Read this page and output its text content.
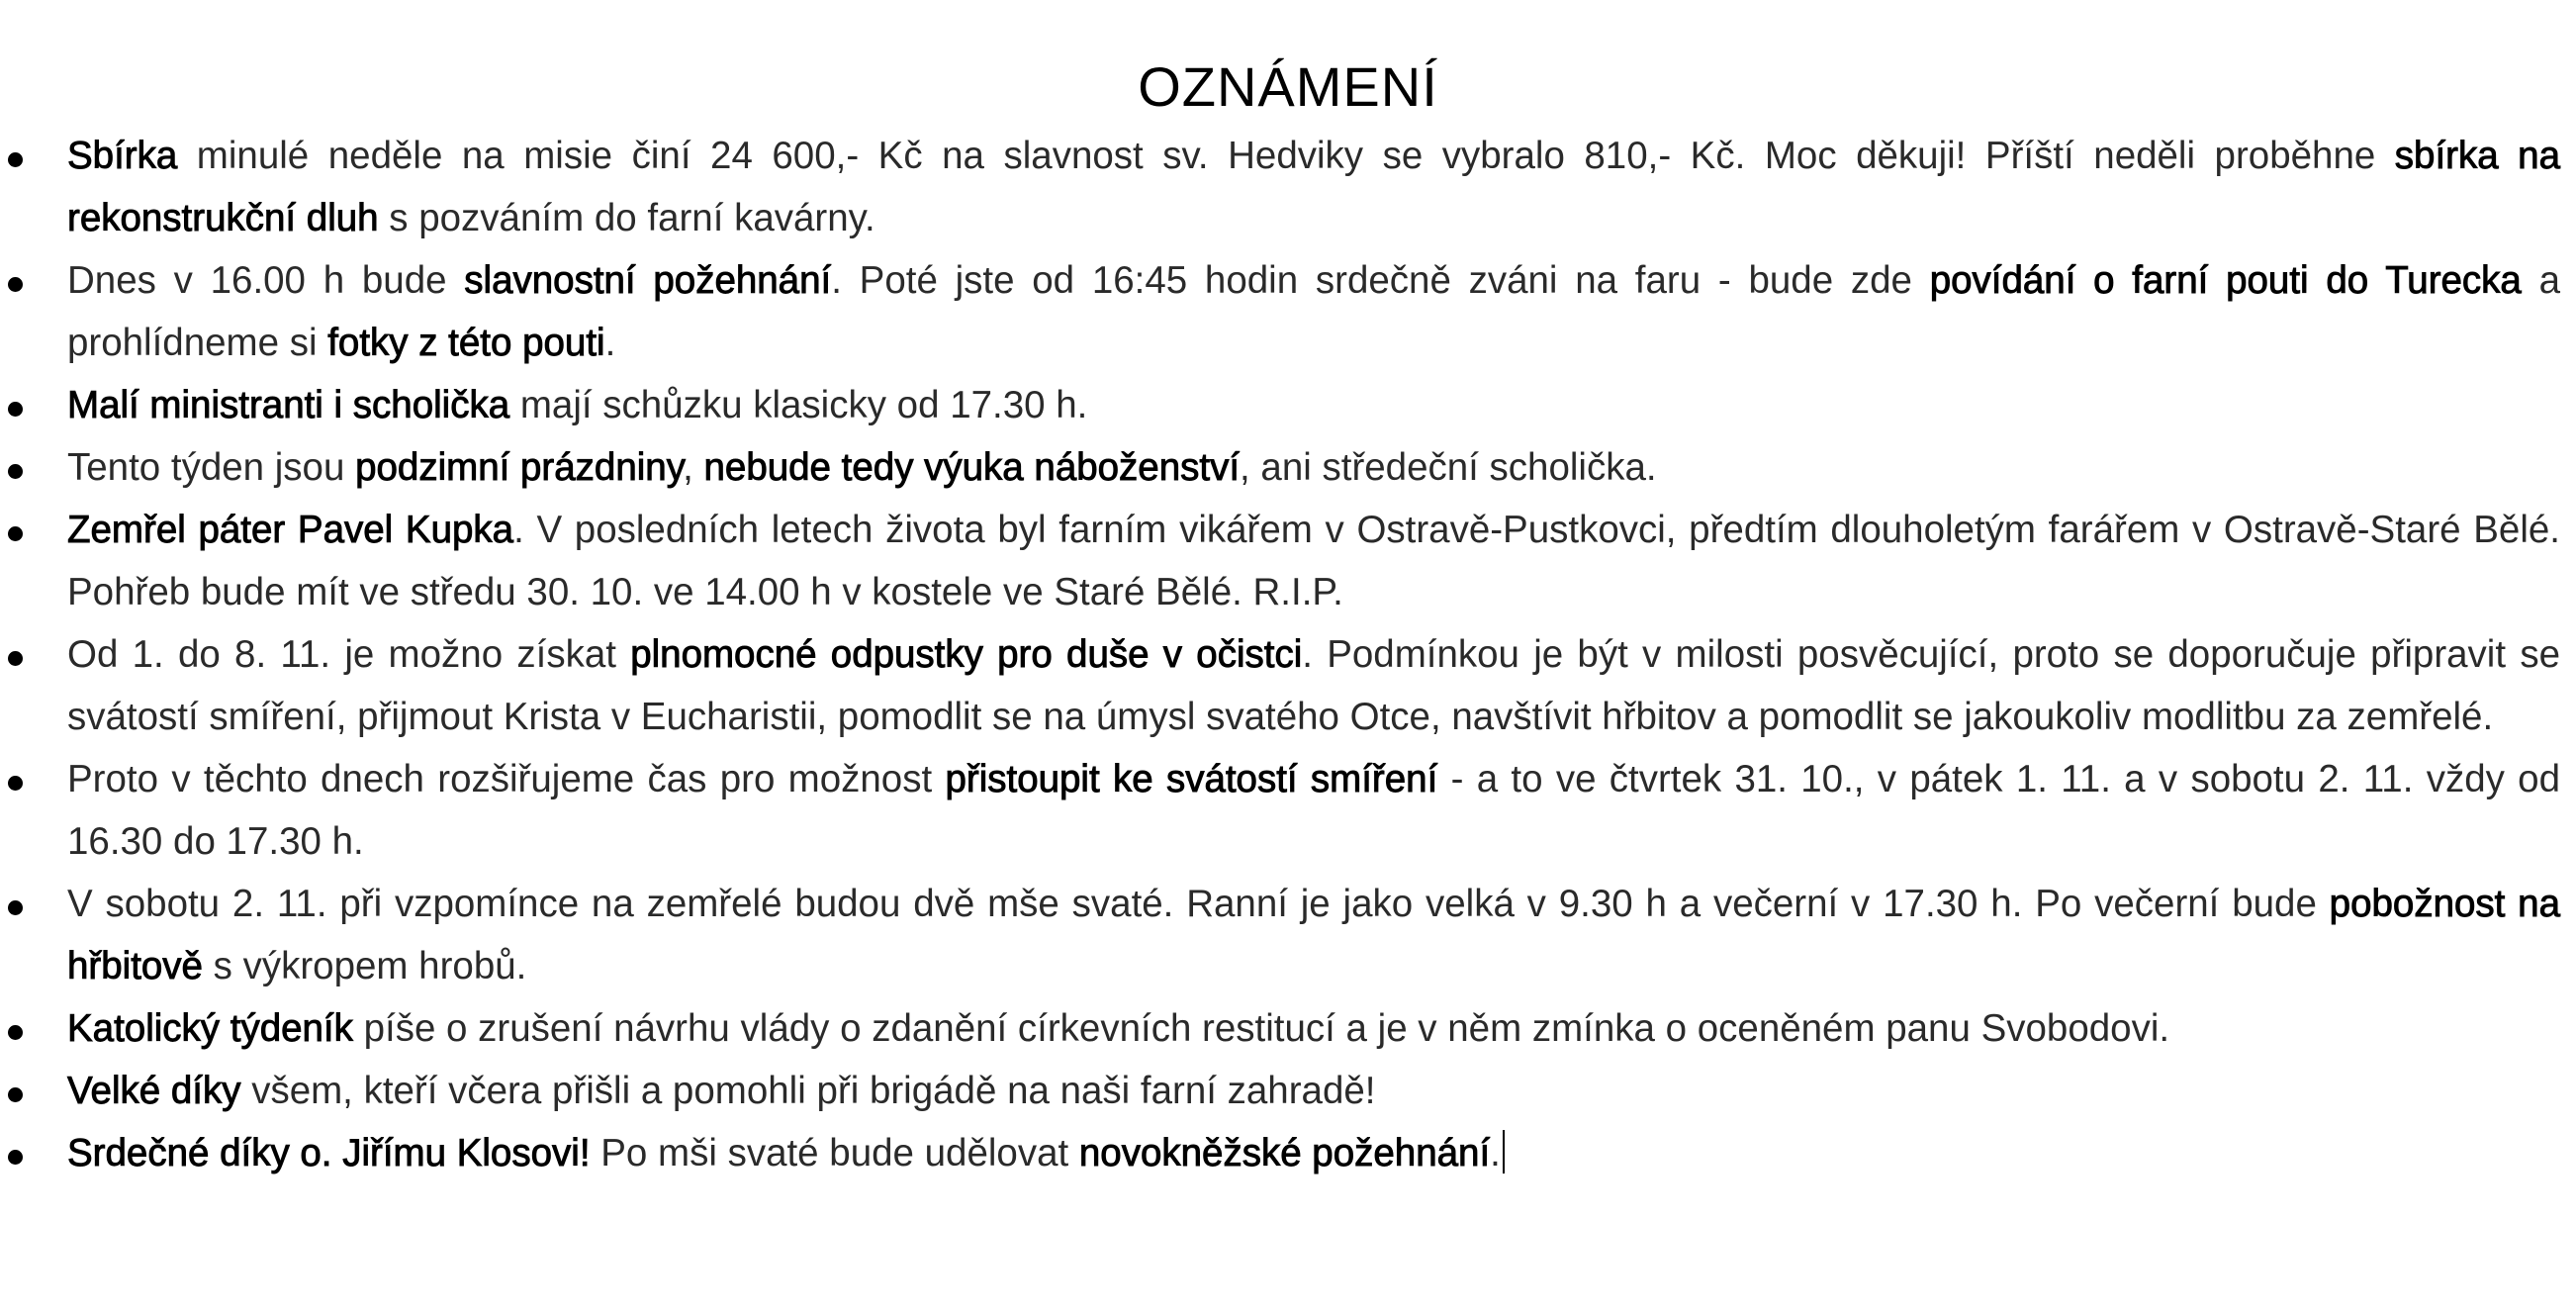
OZNÁMENÍ
Sbírka minulé neděle na misie činí 24 600,- Kč na slavnost sv. Hedviky se vybralo 810,- Kč. Moc děkuji! Příští neděli proběhne sbírka na rekonstrukční dluh s pozváním do farní kavárny.
Dnes v 16.00 h bude slavnostní požehnání. Poté jste od 16:45 hodin srdečně zváni na faru - bude zde povídání o farní pouti do Turecka a prohlídneme si fotky z této pouti.
Malí ministranti i scholička mají schůzku klasicky od 17.30 h.
Tento týden jsou podzimní prázdniny, nebude tedy výuka náboženství, ani středeční scholička.
Zemřel páter Pavel Kupka. V posledních letech života byl farním vikářem v Ostravě-Pustkovci, předtím dlouholetým farářem v Ostravě-Staré Bělé. Pohřeb bude mít ve středu 30. 10. ve 14.00 h v kostele ve Staré Bělé. R.I.P.
Od 1. do 8. 11. je možno získat plnomocné odpustky pro duše v očistci. Podmínkou je být v milosti posvěcující, proto se doporučuje připravit se svátostí smíření, přijmout Krista v Eucharistii, pomodlit se na úmysl svatého Otce, navštívit hřbitov a pomodlit se jakoukoliv modlitbu za zemřelé.
Proto v těchto dnech rozšiřujeme čas pro možnost přistoupit ke svátostí smíření - a to ve čtvrtek 31. 10., v pátek 1. 11. a v sobotu 2. 11. vždy od 16.30 do 17.30 h.
V sobotu 2. 11. při vzpomínce na zemřelé budou dvě mše svaté. Ranní je jako velká v 9.30 h a večerní v 17.30 h. Po večerní bude pobožnost na hřbitově s výkropem hrobů.
Katolický týdeník píše o zrušení návrhu vlády o zdanění církevních restitucí a je v něm zmínka o oceněném panu Svobodovi.
Velké díky všem, kteří včera přišli a pomohli při brigádě na naši farní zahradě!
Srdečné díky o. Jiřímu Klosovi! Po mši svaté bude udělovat novokněžské požehnání.
